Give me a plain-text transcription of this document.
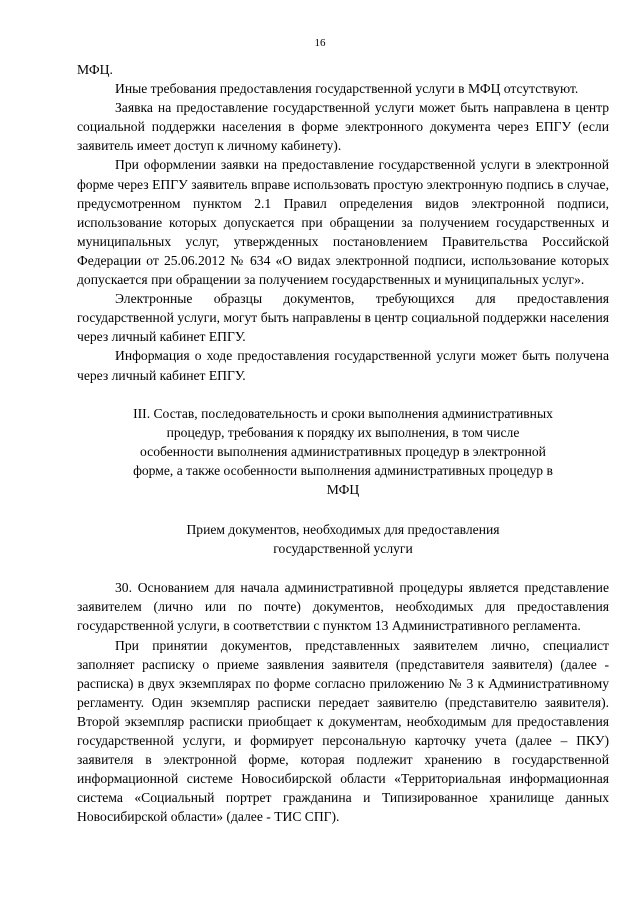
16

МФЦ.

Иные требования предоставления государственной услуги в МФЦ отсутствуют.

Заявка на предоставление государственной услуги может быть направлена в центр социальной поддержки населения в форме электронного документа через ЕПГУ (если заявитель имеет доступ к личному кабинету).

При оформлении заявки на предоставление государственной услуги в электронной форме через ЕПГУ заявитель вправе использовать простую электронную подпись в случае, предусмотренном пунктом 2.1 Правил определения видов электронной подписи, использование которых допускается при обращении за получением государственных и муниципальных услуг, утвержденных постановлением Правительства Российской Федерации от 25.06.2012 № 634 «О видах электронной подписи, использование которых допускается при обращении за получением государственных и муниципальных услуг».

Электронные образцы документов, требующихся для предоставления государственной услуги, могут быть направлены в центр социальной поддержки населения через личный кабинет ЕПГУ.

Информация о ходе предоставления государственной услуги может быть получена через личный кабинет ЕПГУ.

III. Состав, последовательность и сроки выполнения административных процедур, требования к порядку их выполнения, в том числе особенности выполнения административных процедур в электронной форме, а также особенности выполнения административных процедур в МФЦ

Прием документов, необходимых для предоставления государственной услуги

30. Основанием для начала административной процедуры является представление заявителем (лично или по почте) документов, необходимых для предоставления государственной услуги, в соответствии с пунктом 13 Административного регламента.

При принятии документов, представленных заявителем лично, специалист заполняет расписку о приеме заявления заявителя (представителя заявителя) (далее - расписка) в двух экземплярах по форме согласно приложению № 3 к Административному регламенту. Один экземпляр расписки передает заявителю (представителю заявителя). Второй экземпляр расписки приобщает к документам, необходимым для предоставления государственной услуги, и формирует персональную карточку учета (далее – ПКУ) заявителя в электронной форме, которая подлежит хранению в государственной информационной системе Новосибирской области «Территориальная информационная система «Социальный портрет гражданина и Типизированное хранилище данных Новосибирской области» (далее - ТИС СПГ).
